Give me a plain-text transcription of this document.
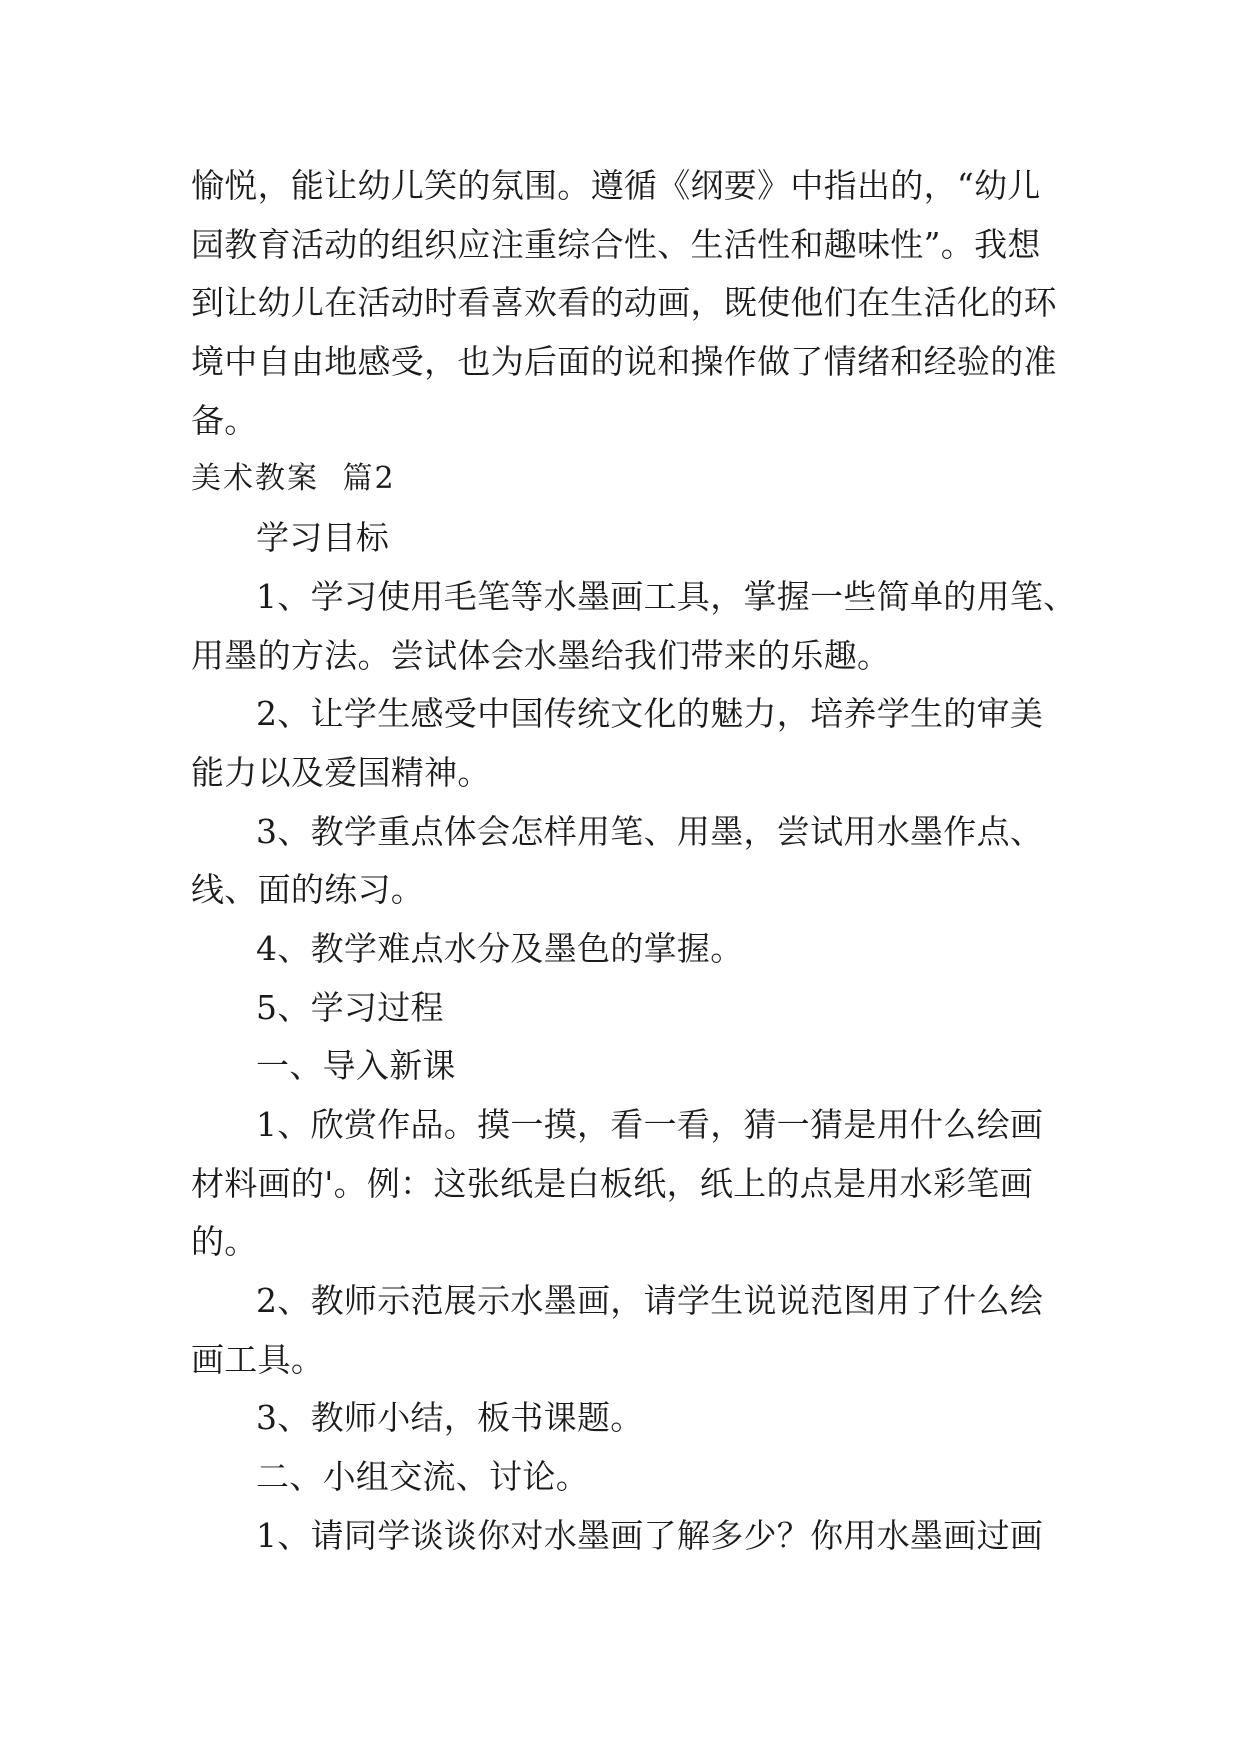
愉悦，能让幼儿笑的氛围。遵循《纲要》中指出的，“幼儿
园教育活动的组织应注重综合性、生活性和趣味性”。我想
到让幼儿在活动时看喜欢看的动画，既使他们在生活化的环
境中自由地感受，也为后面的说和操作做了情绪和经验的准
备。
美术教案 篇2
学习目标
1、学习使用毛笔等水墨画工具，掌握一些简单的用笔、
用墨的方法。尝试体会水墨给我们带来的乐趣。
2、让学生感受中国传统文化的魅力，培养学生的审美
能力以及爱国精神。
3、教学重点体会怎样用笔、用墨，尝试用水墨作点、
线、面的练习。
4、教学难点水分及墨色的掌握。
5、学习过程
一、导入新课
1、欣赏作品。摸一摸，看一看，猜一猜是用什么绘画
材料画的'。例：这张纸是白板纸，纸上的点是用水彩笔画
的。
2、教师示范展示水墨画，请学生说说范图用了什么绘
画工具。
3、教师小结，板书课题。
二、小组交流、讨论。
1、请同学谈谈你对水墨画了解多少？你用水墨画过画
